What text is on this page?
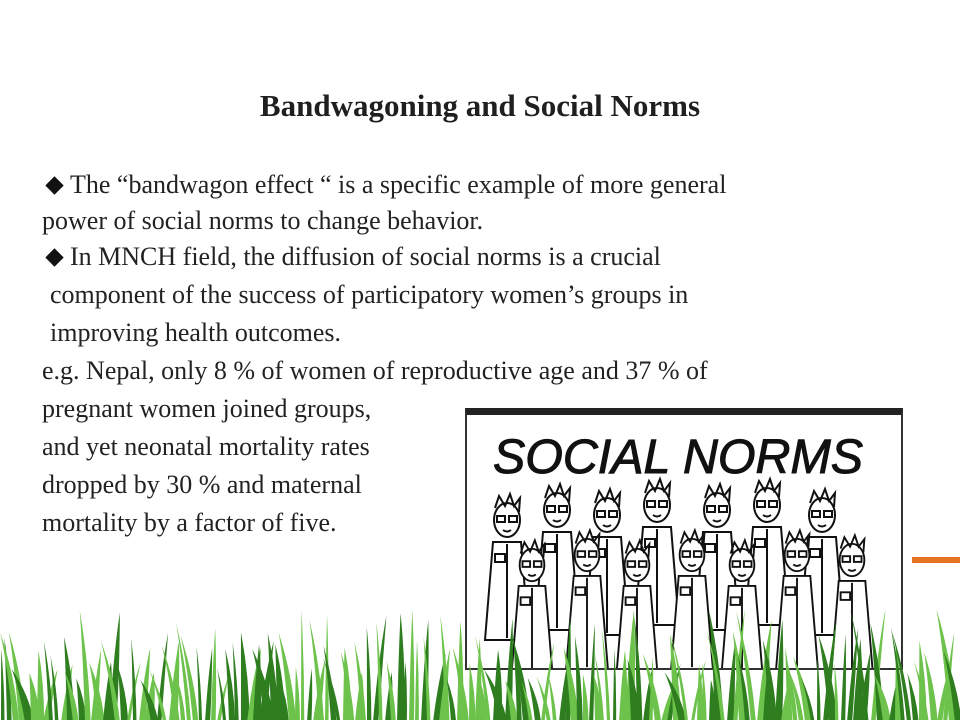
Bandwagoning and Social Norms
The “bandwagon effect “ is a specific example of more general
power of social norms to change behavior.
In MNCH field, the diffusion of social norms is a crucial
component of the success of participatory women’s groups in
improving health outcomes.
e.g. Nepal, only 8 % of women of reproductive age and 37 % of
pregnant women joined groups,
and yet neonatal mortality rates
dropped by 30 % and maternal
mortality by a factor of five.
SOCIAL NORMS
